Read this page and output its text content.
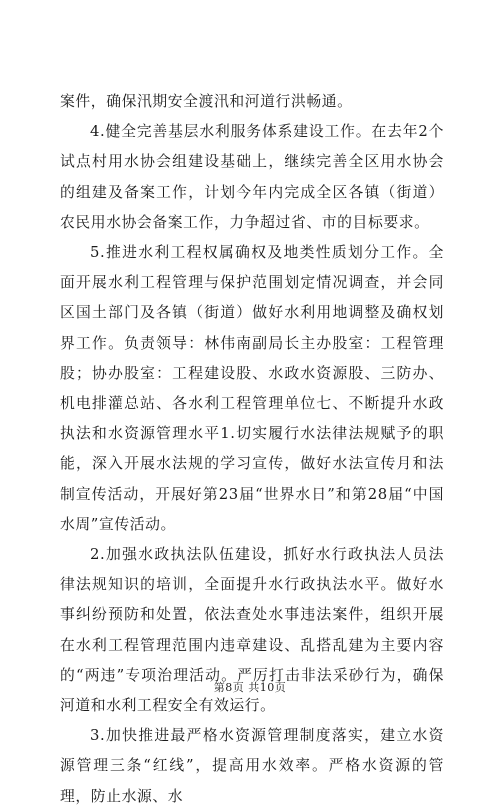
案件，确保汛期安全渡汛和河道行洪畅通。

4.健全完善基层水利服务体系建设工作。在去年2个试点村用水协会组建设基础上，继续完善全区用水协会的组建及备案工作，计划今年内完成全区各镇（街道）农民用水协会备案工作，力争超过省、市的目标要求。

5.推进水利工程权属确权及地类性质划分工作。全面开展水利工程管理与保护范围划定情况调查，并会同区国土部门及各镇（街道）做好水利用地调整及确权划界工作。负责领导：林伟南副局长主办股室：工程管理股；协办股室：工程建设股、水政水资源股、三防办、机电排灌总站、各水利工程管理单位七、不断提升水政执法和水资源管理水平1.切实履行水法律法规赋予的职能，深入开展水法规的学习宣传，做好水法宣传月和法制宣传活动，开展好第23届“世界水日”和第28届“中国水周”宣传活动。

2.加强水政执法队伍建设，抓好水行政执法人员法律法规知识的培训，全面提升水行政执法水平。做好水事纠纷预防和处置，依法查处水事违法案件，组织开展在水利工程管理范围内违章建设、乱搭乱建为主要内容的“两违”专项治理活动。严厉打击非法采砂行为，确保河道和水利工程安全有效运行。

3.加快推进最严格水资源管理制度落实，建立水资源管理三条“红线”，提高用水效率。严格水资源的管理，防止水源、水

第8页 共10页
